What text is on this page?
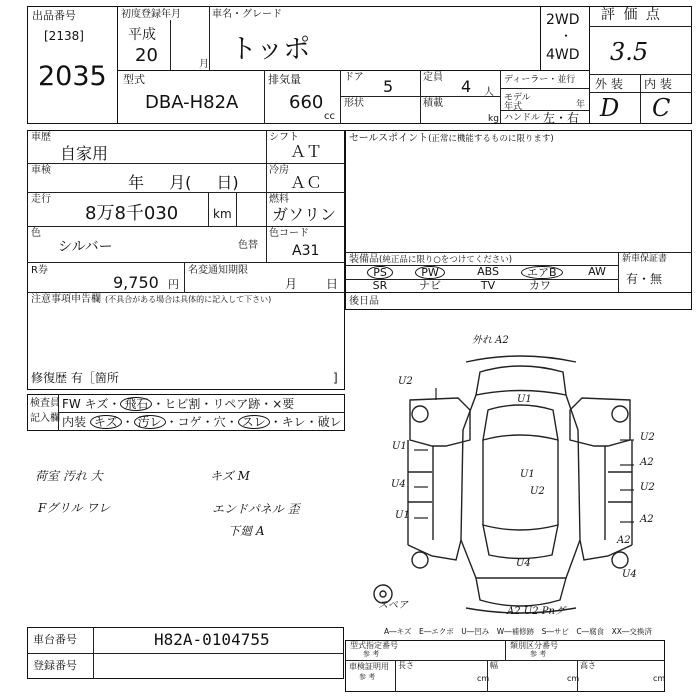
出品番号
[2138]
2035
初度登録年月
平成
20	月
車名・グレード
トッポ
2WD
・
4WD
評 価 点
3.5
外 装 内 装
D C
型式
DBA-H82A
排気量
660
cc
ドア 5	定員 4 人
形状	積載
kg
ディーラー・並行
モデル年式	年
ハンドル 左・右
車歴
自家用
シフト
ＡＴ
車検
年 月( 日)
冷房
ＡＣ
走行
8万8千030	km
燃料
ガソリン
色
シルバー	色替
色コード
A31
R券
9,750 円
名変通知期限
月 日
注意事項申告欄 (不具合がある場合は具体的に記入して下さい)
修復歴 有［箇所	]
セールスポイント(正常に機能するものに限ります)
装備品(純正品に限り○をつけてください)	新車保証書
有・無
PS	PW	ABS	エアB	AW
SR	ナビ	TV	カワ
後日品
検査員
記入欄
FW キズ・ 飛石 ・ヒビ割・リペア跡・×要
内装 キズ ・ 汚レ ・コゲ・穴・ スレ ・キレ・破レ
荷室 汚れ 大
Fグリル ワレ
キズ M
エンドパネル 歪
下廻 A
外れ A2
U2
U1
U1
U4
U1
U1
U2
U2
A2
U2
A2
A2
U4
U4
A2 U2 Pnグ
スペア
A―キズ　E―エクボ　U―凹み　W―補修跡　S―サビ　C―腐食　XX―交換済
車台番号	H82A-0104755
登録番号
型式指定番号
参 考
類別区分番号
参 考
車検証明用
参 考
長さ
cm
幅
cm
高さ
cm
